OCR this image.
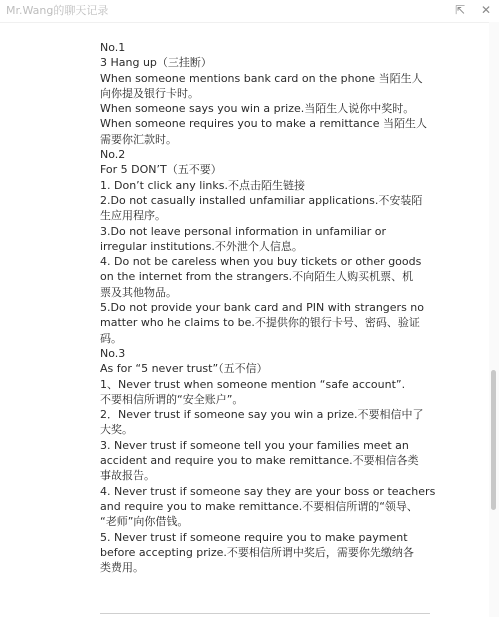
Mr.Wang的聊天记录	⇱ ✕
No.1
3 Hang up（三挂断）
When someone mentions bank card on the phone 当陌生人
向你提及银行卡时。
When someone says you win a prize.当陌生人说你中奖时。
When someone requires you to make a remittance 当陌生人
需要你汇款时。
No.2
For 5 DON’T（五不要）
1. Don’t click any links.不点击陌生链接
2.Do not casually installed unfamiliar applications.不安装陌
生应用程序。
3.Do not leave personal information in unfamiliar or
irregular institutions.不外泄个人信息。
4. Do not be careless when you buy tickets or other goods
on the internet from the strangers.不向陌生人购买机票、机
票及其他物品。
5.Do not provide your bank card and PIN with strangers no
matter who he claims to be.不提供你的银行卡号、密码、验证
码。
No.3
As for “5 never trust”（五不信）
1、Never trust when someone mention “safe account”.
不要相信所谓的“安全账户”。
2．Never trust if someone say you win a prize.不要相信中了
大奖。
3. Never trust if someone tell you your families meet an
accident and require you to make remittance.不要相信各类
事故报告。
4. Never trust if someone say they are your boss or teachers
and require you to make remittance.不要相信所谓的“领导、
“老师”向你借钱。
5. Never trust if someone require you to make payment
before accepting prize.不要相信所谓中奖后，需要你先缴纳各
类费用。
